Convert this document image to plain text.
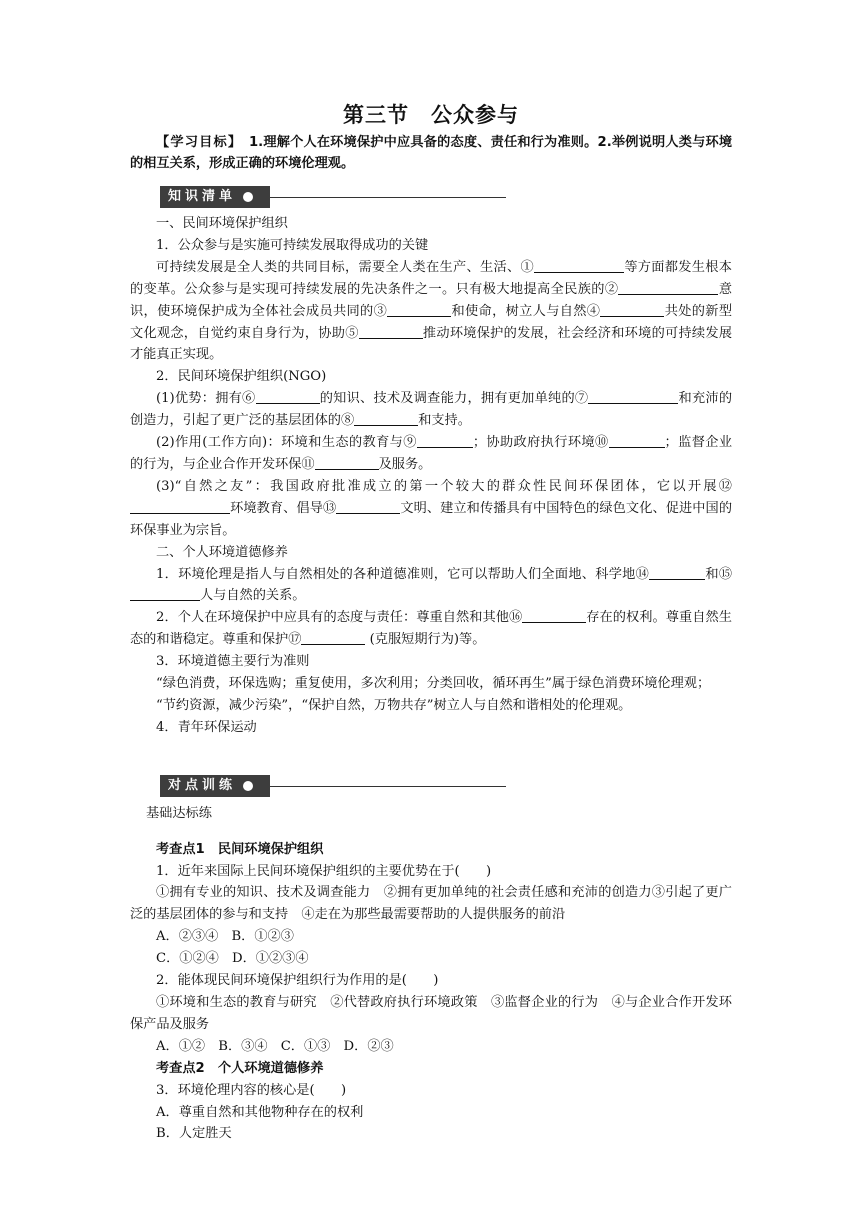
第三节 公众参与

【学习目标】　 1.理解个人在环境保护中应具备的态度、责任和行为准则。2.举例说明人类与环境的相互关系，形成正确的环境伦理观。

知识清单

一、民间环境保护组织

1．公众参与是实施可持续发展取得成功的关键

可持续发展是全人类的共同目标，需要全人类在生产、生活、①	等方面都发生根本的变革。公众参与是实现可持续发展的先决条件之一。只有极大地提高全民族的②	意识，使环境保护成为全体社会成员共同的③	和使命，树立人与自然④	共处的新型文化观念，自觉约束自身行为，协助⑤	推动环境保护的发展，社会经济和环境的可持续发展才能真正实现。

2．民间环境保护组织(NGO)

(1)优势：拥有⑥	的知识、技术及调查能力，拥有更加单纯的⑦	和充沛的创造力，引起了更广泛的基层团体的⑧	和支持。

(2)作用(工作方向)：环境和生态的教育与⑨	；协助政府执行环境⑩	；监督企业的行为，与企业合作开发环保⑪	及服务。

(3)“自然之友”：我国政府批准成立的第一个较大的群众性民间环保团体，它以开展⑫环境教育、倡导⑬	文明、建立和传播具有中国特色的绿色文化、促进中国的环保事业为宗旨。

二、个人环境道德修养

1．环境伦理是指人与自然相处的各种道德准则，它可以帮助人们全面地、科学地⑭	和⑮人与自然的关系。

2．个人在环境保护中应具有的态度与责任：尊重自然和其他⑯	存在的权利。尊重自然生态的和谐稳定。尊重和保护⑰	(克服短期行为)等。

3．环境道德主要行为准则

“绿色消费，环保选购；重复使用，多次利用；分类回收，循环再生”属于绿色消费环境伦理观；

“节约资源，减少污染”，“保护自然，万物共存”树立人与自然和谐相处的伦理观。

4．青年环保运动

对点训练

基础达标练

考查点1　民间环境保护组织

1．近年来国际上民间环境保护组织的主要优势在于(　　)

①拥有专业的知识、技术及调查能力　②拥有更加单纯的社会责任感和充沛的创造力③引起了更广泛的基层团体的参与和支持　④走在为那些最需要帮助的人提供服务的前沿

A．②③④　B．①②③

C．①②④　D．①②③④

2．能体现民间环境保护组织行为作用的是(　　)

①环境和生态的教育与研究　②代替政府执行环境政策　③监督企业的行为　④与企业合作开发环保产品及服务

A．①②　B．③④　C．①③　D．②③

考查点2　个人环境道德修养

3．环境伦理内容的核心是(　　)

A．尊重自然和其他物种存在的权利

B．人定胜天
